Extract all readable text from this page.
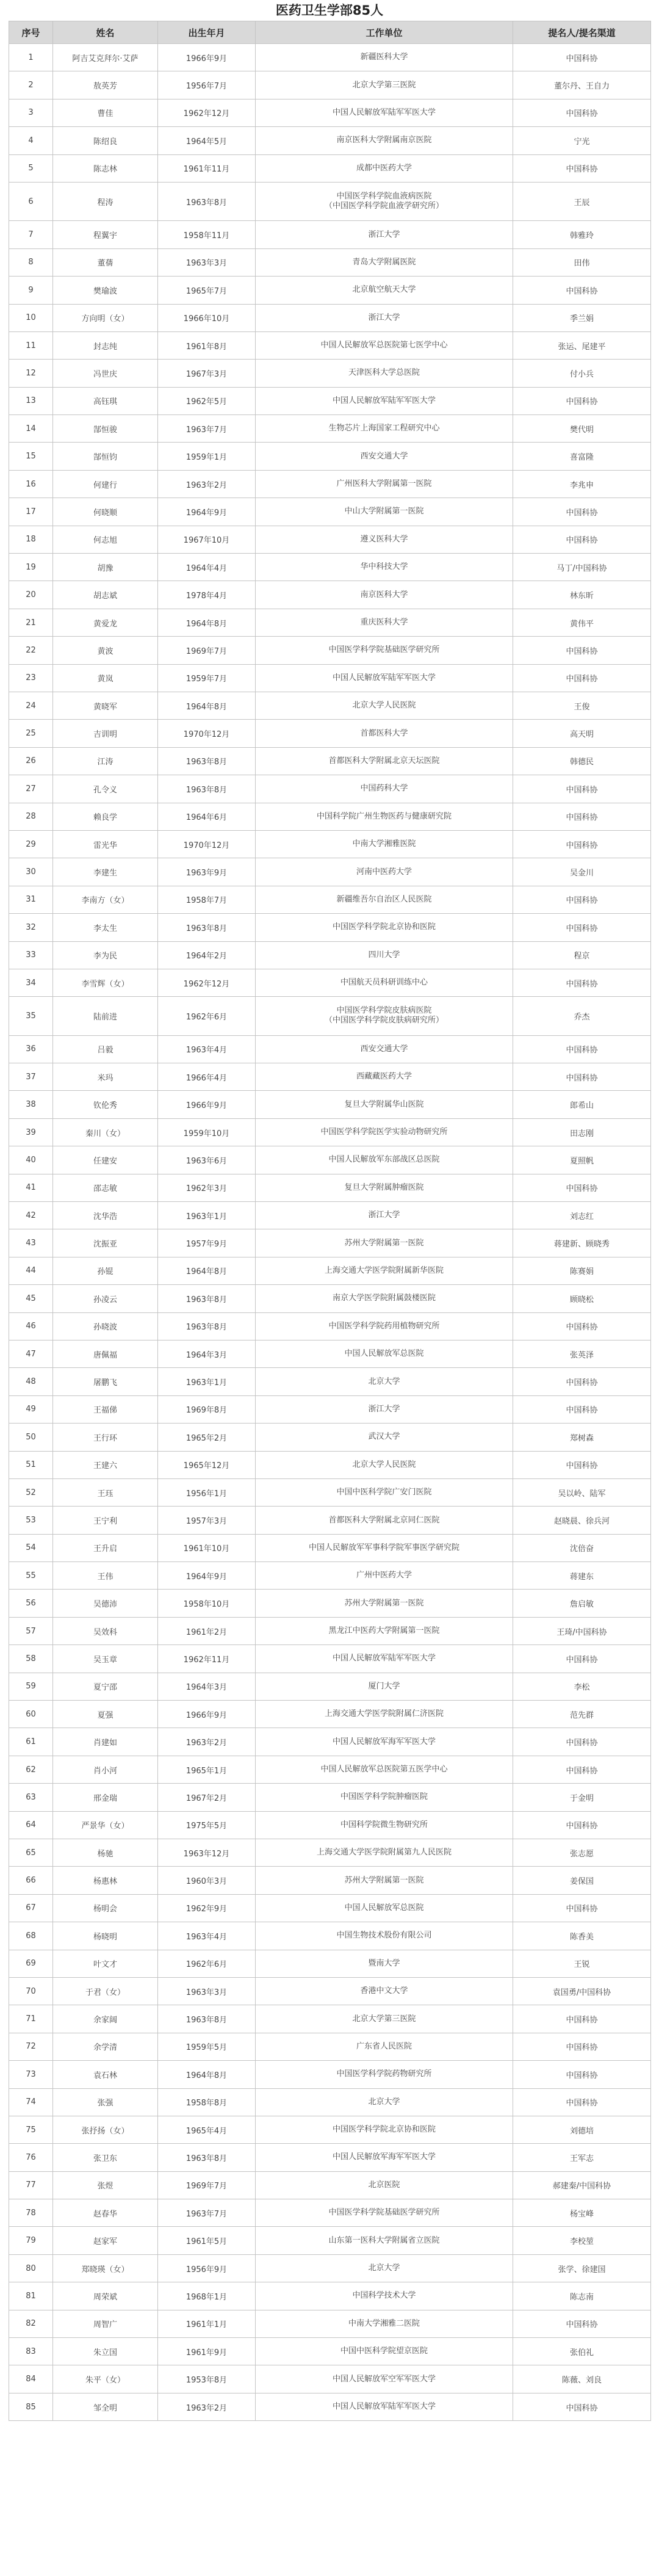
医药卫生学部85人
序号	姓名	出生年月	工作单位	提名人/提名渠道
1	阿吉艾克拜尔·艾萨	1966年9月	新疆医科大学	中国科协
2	敖英芳	1956年7月	北京大学第三医院	董尔丹、王自力
3	曹佳	1962年12月	中国人民解放军陆军军医大学	中国科协
4	陈绍良	1964年5月	南京医科大学附属南京医院	宁光
5	陈志林	1961年11月	成都中医药大学	中国科协
6	程涛	1963年8月	中国医学科学院血液病医院
（中国医学科学院血液学研究所）	王辰
7	程翼宇	1958年11月	浙江大学	韩雅玲
8	董蒨	1963年3月	青岛大学附属医院	田伟
9	樊瑜波	1965年7月	北京航空航天大学	中国科协
10	方向明（女）	1966年10月	浙江大学	季兰娟
11	封志纯	1961年8月	中国人民解放军总医院第七医学中心	张运、尾建平
12	冯世庆	1967年3月	天津医科大学总医院	付小兵
13	高钰琪	1962年5月	中国人民解放军陆军军医大学	中国科协
14	郜恒骏	1963年7月	生物芯片上海国家工程研究中心	樊代明
15	郜恒钧	1959年1月	西安交通大学	喜富隆
16	何建行	1963年2月	广州医科大学附属第一医院	李兆申
17	何晓顺	1964年9月	中山大学附属第一医院	中国科协
18	何志旭	1967年10月	遵义医科大学	中国科协
19	胡豫	1964年4月	华中科技大学	马丁/中国科协
20	胡志斌	1978年4月	南京医科大学	林东昕
21	黄爱龙	1964年8月	重庆医科大学	黄伟平
22	黄波	1969年7月	中国医学科学院基础医学研究所	中国科协
23	黄岚	1959年7月	中国人民解放军陆军军医大学	中国科协
24	黄晓军	1964年8月	北京大学人民医院	王俊
25	吉训明	1970年12月	首都医科大学	高天明
26	江涛	1963年8月	首都医科大学附属北京天坛医院	韩德民
27	孔令义	1963年8月	中国药科大学	中国科协
28	赖良学	1964年6月	中国科学院广州生物医药与健康研究院	中国科协
29	雷光华	1970年12月	中南大学湘雅医院	中国科协
30	李建生	1963年9月	河南中医药大学	吴金川
31	李南方（女）	1958年7月	新疆维吾尔自治区人民医院	中国科协
32	李太生	1963年8月	中国医学科学院北京协和医院	中国科协
33	李为民	1964年2月	四川大学	程京
34	李雪辉（女）	1962年12月	中国航天员科研训练中心	中国科协
35	陆前进	1962年6月	中国医学科学院皮肤病医院
（中国医学科学院皮肤病研究所）	乔杰
36	吕毅	1963年4月	西安交通大学	中国科协
37	米玛	1966年4月	西藏藏医药大学	中国科协
38	钦伦秀	1966年9月	复旦大学附属华山医院	郎希山
39	秦川（女）	1959年10月	中国医学科学院医学实验动物研究所	田志刚
40	任建安	1963年6月	中国人民解放军东部战区总医院	夏照帆
41	邵志敏	1962年3月	复旦大学附属肿瘤医院	中国科协
42	沈华浩	1963年1月	浙江大学	刘志红
43	沈振亚	1957年9月	苏州大学附属第一医院	蒋建新、顾晓秀
44	孙锟	1964年8月	上海交通大学医学院附属新华医院	陈赛娟
45	孙凌云	1963年8月	南京大学医学院附属鼓楼医院	顾晓松
46	孙晓波	1963年8月	中国医学科学院药用植物研究所	中国科协
47	唐佩福	1964年3月	中国人民解放军总医院	张英泽
48	屠鹏飞	1963年1月	北京大学	中国科协
49	王福俤	1969年8月	浙江大学	中国科协
50	王行环	1965年2月	武汉大学	郑树森
51	王建六	1965年12月	北京大学人民医院	中国科协
52	王珏	1956年1月	中国中医科学院广安门医院	吴以岭、陆军
53	王宁利	1957年3月	首都医科大学附属北京同仁医院	赵晓晨、徐兵河
54	王升启	1961年10月	中国人民解放军军事科学院军事医学研究院	沈倍奋
55	王伟	1964年9月	广州中医药大学	蒋建东
56	吴德沛	1958年10月	苏州大学附属第一医院	詹启敏
57	吴效科	1961年2月	黑龙江中医药大学附属第一医院	王琦/中国科协
58	吴玉章	1962年11月	中国人民解放军陆军军医大学	中国科协
59	夏宁邵	1964年3月	厦门大学	李松
60	夏强	1966年9月	上海交通大学医学院附属仁济医院	范先群
61	肖建如	1963年2月	中国人民解放军海军军医大学	中国科协
62	肖小河	1965年1月	中国人民解放军总医院第五医学中心	中国科协
63	邢金瑞	1967年2月	中国医学科学院肿瘤医院	于金明
64	严景华（女）	1975年5月	中国科学院微生物研究所	中国科协
65	杨驰	1963年12月	上海交通大学医学院附属第九人民医院	张志愿
66	杨惠林	1960年3月	苏州大学附属第一医院	姜保国
67	杨明会	1962年9月	中国人民解放军总医院	中国科协
68	杨晓明	1963年4月	中国生物技术股份有限公司	陈香美
69	叶文才	1962年6月	暨南大学	王锐
70	于君（女）	1963年3月	香港中文大学	袁国勇/中国科协
71	余家阔	1963年8月	北京大学第三医院	中国科协
72	余学清	1959年5月	广东省人民医院	中国科协
73	袁石林	1964年8月	中国医学科学院药物研究所	中国科协
74	张强	1958年8月	北京大学	中国科协
75	张抒扬（女）	1965年4月	中国医学科学院北京协和医院	刘德培
76	张卫东	1963年8月	中国人民解放军海军军医大学	王军志
77	张煜	1969年7月	北京医院	郝建秦/中国科协
78	赵春华	1963年7月	中国医学科学院基础医学研究所	杨宝峰
79	赵家军	1961年5月	山东第一医科大学附属省立医院	李校堃
80	郑晓瑛（女）	1956年9月	北京大学	张学、徐建国
81	周荣斌	1968年1月	中国科学技术大学	陈志南
82	周智广	1961年1月	中南大学湘雅二医院	中国科协
83	朱立国	1961年9月	中国中医科学院望京医院	张伯礼
84	朱平（女）	1953年8月	中国人民解放军空军军医大学	陈薇、刘良
85	邹全明	1963年2月	中国人民解放军陆军军医大学	中国科协
